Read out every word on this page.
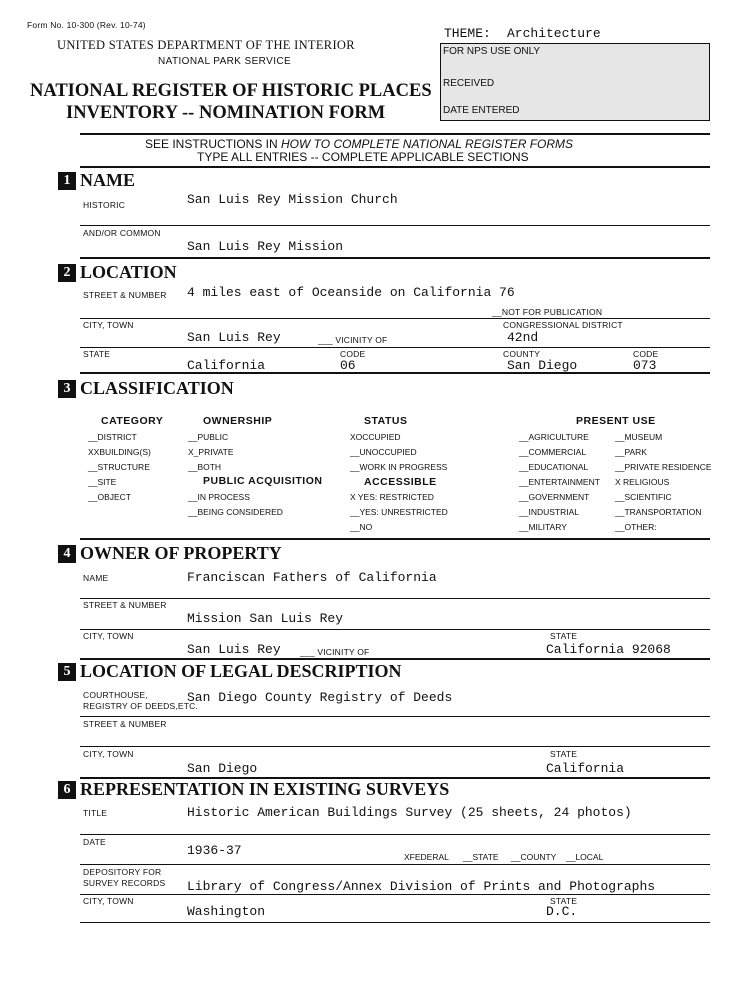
Form No. 10-300 (Rev. 10-74)
UNITED STATES DEPARTMENT OF THE INTERIOR
NATIONAL PARK SERVICE
NATIONAL REGISTER OF HISTORIC PLACES
INVENTORY -- NOMINATION FORM
THEME: Architecture
FOR NPS USE ONLY
RECEIVED
DATE ENTERED
SEE INSTRUCTIONS IN HOW TO COMPLETE NATIONAL REGISTER FORMS
TYPE ALL ENTRIES -- COMPLETE APPLICABLE SECTIONS
1 NAME
HISTORIC	San Luis Rey Mission Church
AND/OR COMMON
San Luis Rey Mission
2 LOCATION
STREET & NUMBER 4 miles east of Oceanside on California 76
__NOT FOR PUBLICATION
CITY, TOWN	CONGRESSIONAL DISTRICT
San Luis Rey	___ VICINITY OF	42nd
STATE	CODE	COUNTY	CODE
California	06	San Diego	073
3 CLASSIFICATION
CATEGORY
__DISTRICT
XXBUILDING(S)
__STRUCTURE
__SITE
__OBJECT
OWNERSHIP
__PUBLIC
X_PRIVATE
__BOTH
PUBLIC ACQUISITION
__IN PROCESS
__BEING CONSIDERED
STATUS
XOCCUPIED
__UNOCCUPIED
__WORK IN PROGRESS
ACCESSIBLE
X YES: RESTRICTED
__YES: UNRESTRICTED
__NO
PRESENT USE
__AGRICULTURE
__COMMERCIAL
__EDUCATIONAL
__ENTERTAINMENT
__GOVERNMENT
__INDUSTRIAL
__MILITARY
__MUSEUM
__PARK
__PRIVATE RESIDENCE
X RELIGIOUS
__SCIENTIFIC
__TRANSPORTATION
__OTHER:
4 OWNER OF PROPERTY
NAME	Franciscan Fathers of California
STREET & NUMBER
Mission San Luis Rey
CITY, TOWN	STATE
San Luis Rey ___ VICINITY OF	California 92068
5 LOCATION OF LEGAL DESCRIPTION
COURTHOUSE,
REGISTRY OF DEEDS,ETC.
San Diego County Registry of Deeds
STREET & NUMBER
CITY, TOWN	STATE
San Diego	California
6 REPRESENTATION IN EXISTING SURVEYS
TITLE	Historic American Buildings Survey (25 sheets, 24 photos)
DATE
1936-37	XFEDERAL __STATE __COUNTY __LOCAL
DEPOSITORY FOR
SURVEY RECORDS Library of Congress/Annex Division of Prints and Photographs
CITY, TOWN	STATE
Washington	D.C.
